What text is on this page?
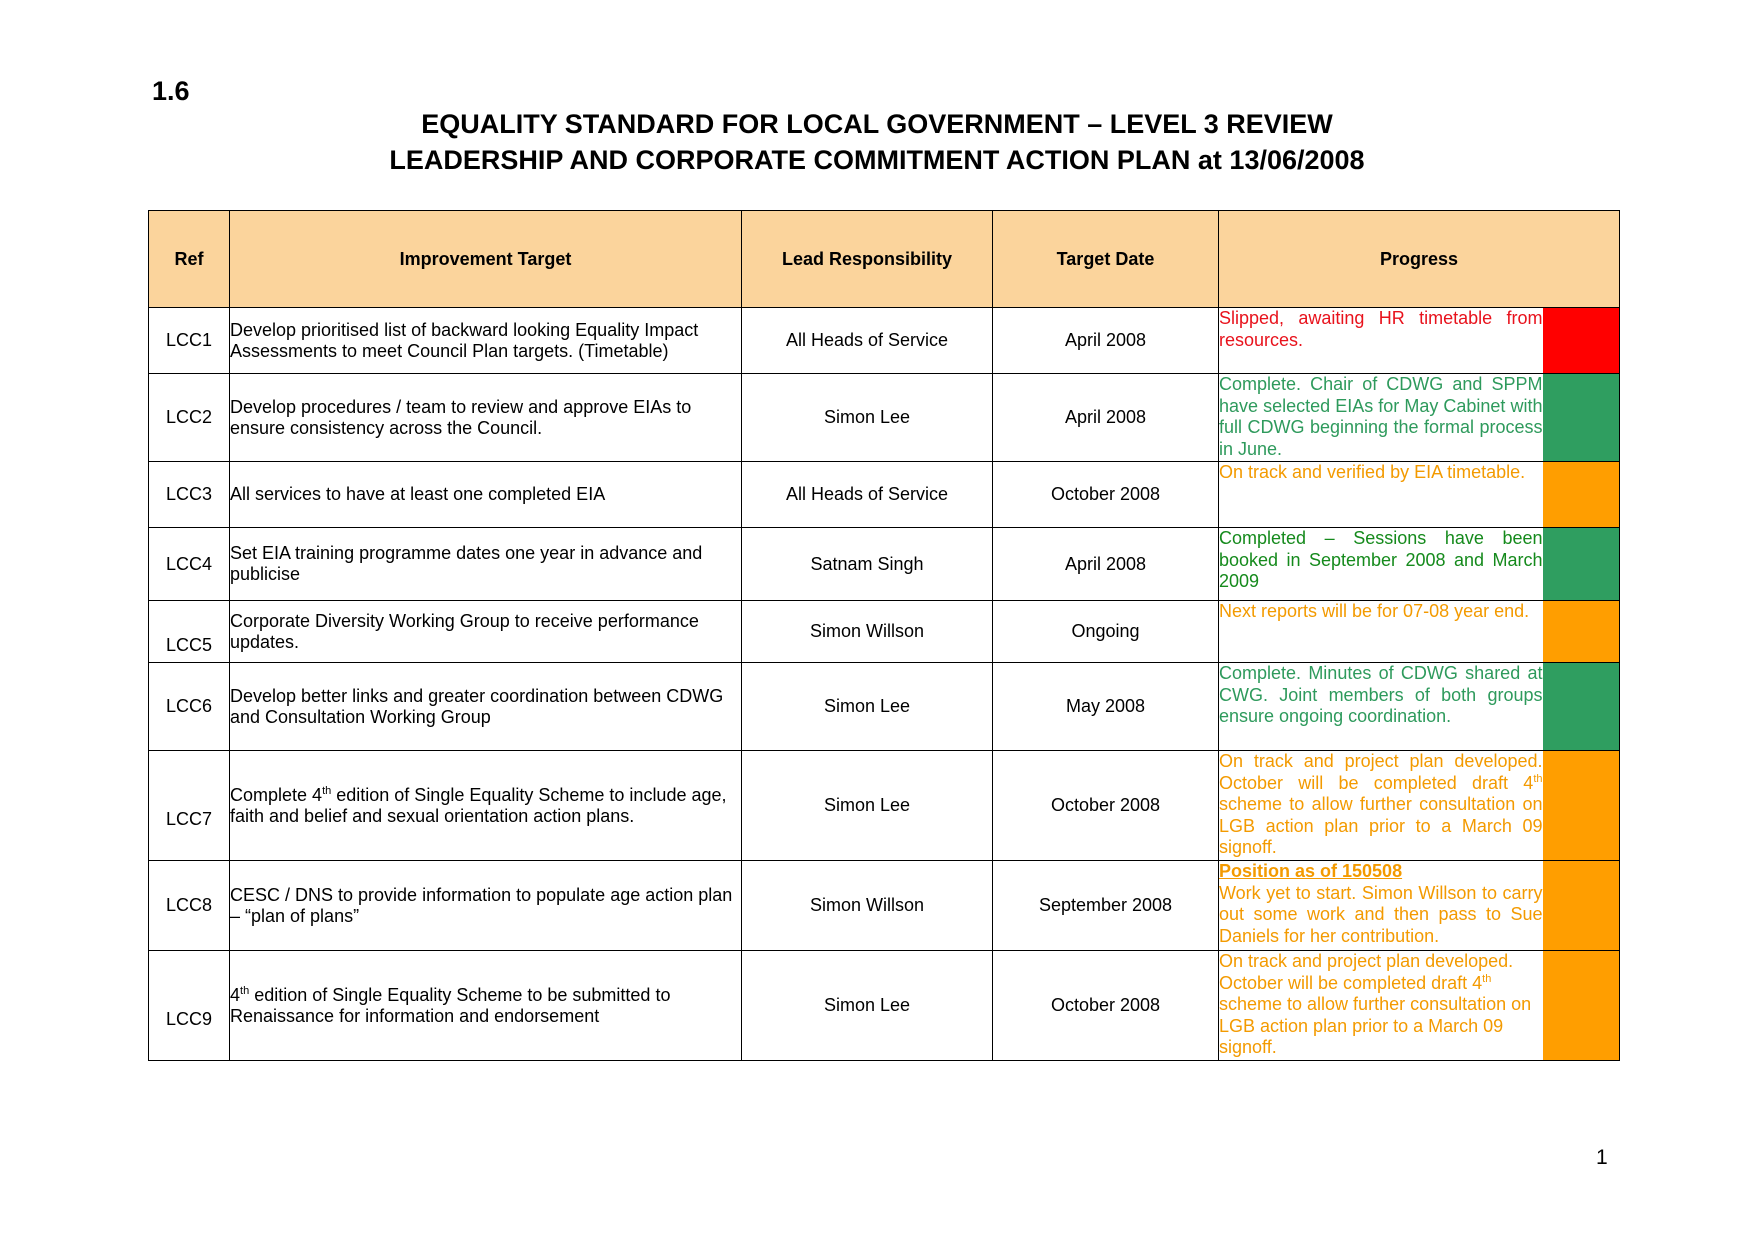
1.6
EQUALITY STANDARD FOR LOCAL GOVERNMENT – LEVEL 3 REVIEW
LEADERSHIP AND CORPORATE COMMITMENT ACTION PLAN at 13/06/2008
Ref	Improvement Target	Lead Responsibility	Target Date	Progress	
LCC1	Develop prioritised list of backward looking Equality Impact Assessments to meet Council Plan targets. (Timetable)	All Heads of Service	April 2008	Slipped, awaiting HR timetable from resources.	
LCC2	Develop procedures / team to review and approve EIAs to ensure consistency across the Council.	Simon Lee	April 2008	Complete. Chair of CDWG and SPPM have selected EIAs for May Cabinet with full CDWG beginning the formal process in June.	
LCC3	All services to have at least one completed EIA	All Heads of Service	October 2008	On track and verified by EIA timetable.	
LCC4	Set EIA training programme dates one year in advance and publicise	Satnam Singh	April 2008	Completed – Sessions have been booked in September 2008 and March 2009	
LCC5	Corporate Diversity Working Group to receive performance updates.	Simon Willson	Ongoing	Next reports will be for 07-08 year end.	
LCC6	Develop better links and greater coordination between CDWG and Consultation Working Group	Simon Lee	May 2008	Complete. Minutes of CDWG shared at CWG. Joint members of both groups ensure ongoing coordination.	
LCC7	Complete 4th edition of Single Equality Scheme to include age, faith and belief and sexual orientation action plans.	Simon Lee	October 2008	On track and project plan developed. October will be completed draft 4th scheme to allow further consultation on LGB action plan prior to a March 09 signoff.	
LCC8	CESC / DNS to provide information to populate age action plan – “plan of plans”	Simon Willson	September 2008	Position as of 150508
Work yet to start. Simon Willson to carry out some work and then pass to Sue Daniels for her contribution.	

LCC9	4th edition of Single Equality Scheme to be submitted to Renaissance for information and endorsement	Simon Lee	October 2008	On track and project plan developed. October will be completed draft 4th scheme to allow further consultation on LGB action plan prior to a March 09 signoff.	
1
